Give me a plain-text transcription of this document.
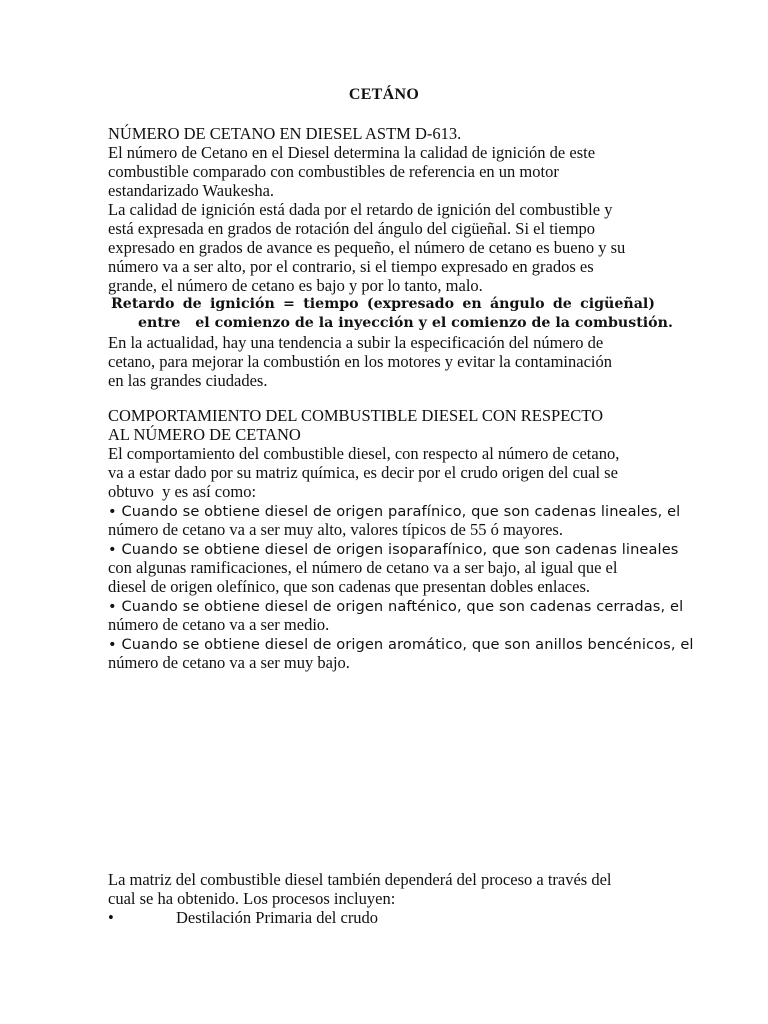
CETÁNO
NÚMERO DE CETANO EN DIESEL ASTM D-613.
El número de Cetano en el Diesel determina la calidad de ignición de este
combustible comparado con combustibles de referencia en un motor
estandarizado Waukesha.
La calidad de ignición está dada por el retardo de ignición del combustible y
está expresada en grados de rotación del ángulo del cigüeñal. Si el tiempo
expresado en grados de avance es pequeño, el número de cetano es bueno y su
número va a ser alto, por el contrario, si el tiempo expresado en grados es
grande, el número de cetano es bajo y por lo tanto, malo.
Retardo de ignición = tiempo (expresado en ángulo de cigüeñal)
entre   el comienzo de la inyección y el comienzo de la combustión.
En la actualidad, hay una tendencia a subir la especificación del número de
cetano, para mejorar la combustión en los motores y evitar la contaminación
en las grandes ciudades.
COMPORTAMIENTO DEL COMBUSTIBLE DIESEL CON RESPECTO
AL NÚMERO DE CETANO
El comportamiento del combustible diesel, con respecto al número de cetano,
va a estar dado por su matriz química, es decir por el crudo origen del cual se
obtuvo  y es así como:
• Cuando se obtiene diesel de origen parafínico, que son cadenas lineales, el
número de cetano va a ser muy alto, valores típicos de 55 ó mayores.
• Cuando se obtiene diesel de origen isoparafínico, que son cadenas lineales
con algunas ramificaciones, el número de cetano va a ser bajo, al igual que el
diesel de origen olefínico, que son cadenas que presentan dobles enlaces.
• Cuando se obtiene diesel de origen nafténico, que son cadenas cerradas, el
número de cetano va a ser medio.
• Cuando se obtiene diesel de origen aromático, que son anillos bencénicos, el
número de cetano va a ser muy bajo.
La matriz del combustible diesel también dependerá del proceso a través del
cual se ha obtenido. Los procesos incluyen:
•	Destilación Primaria del crudo
